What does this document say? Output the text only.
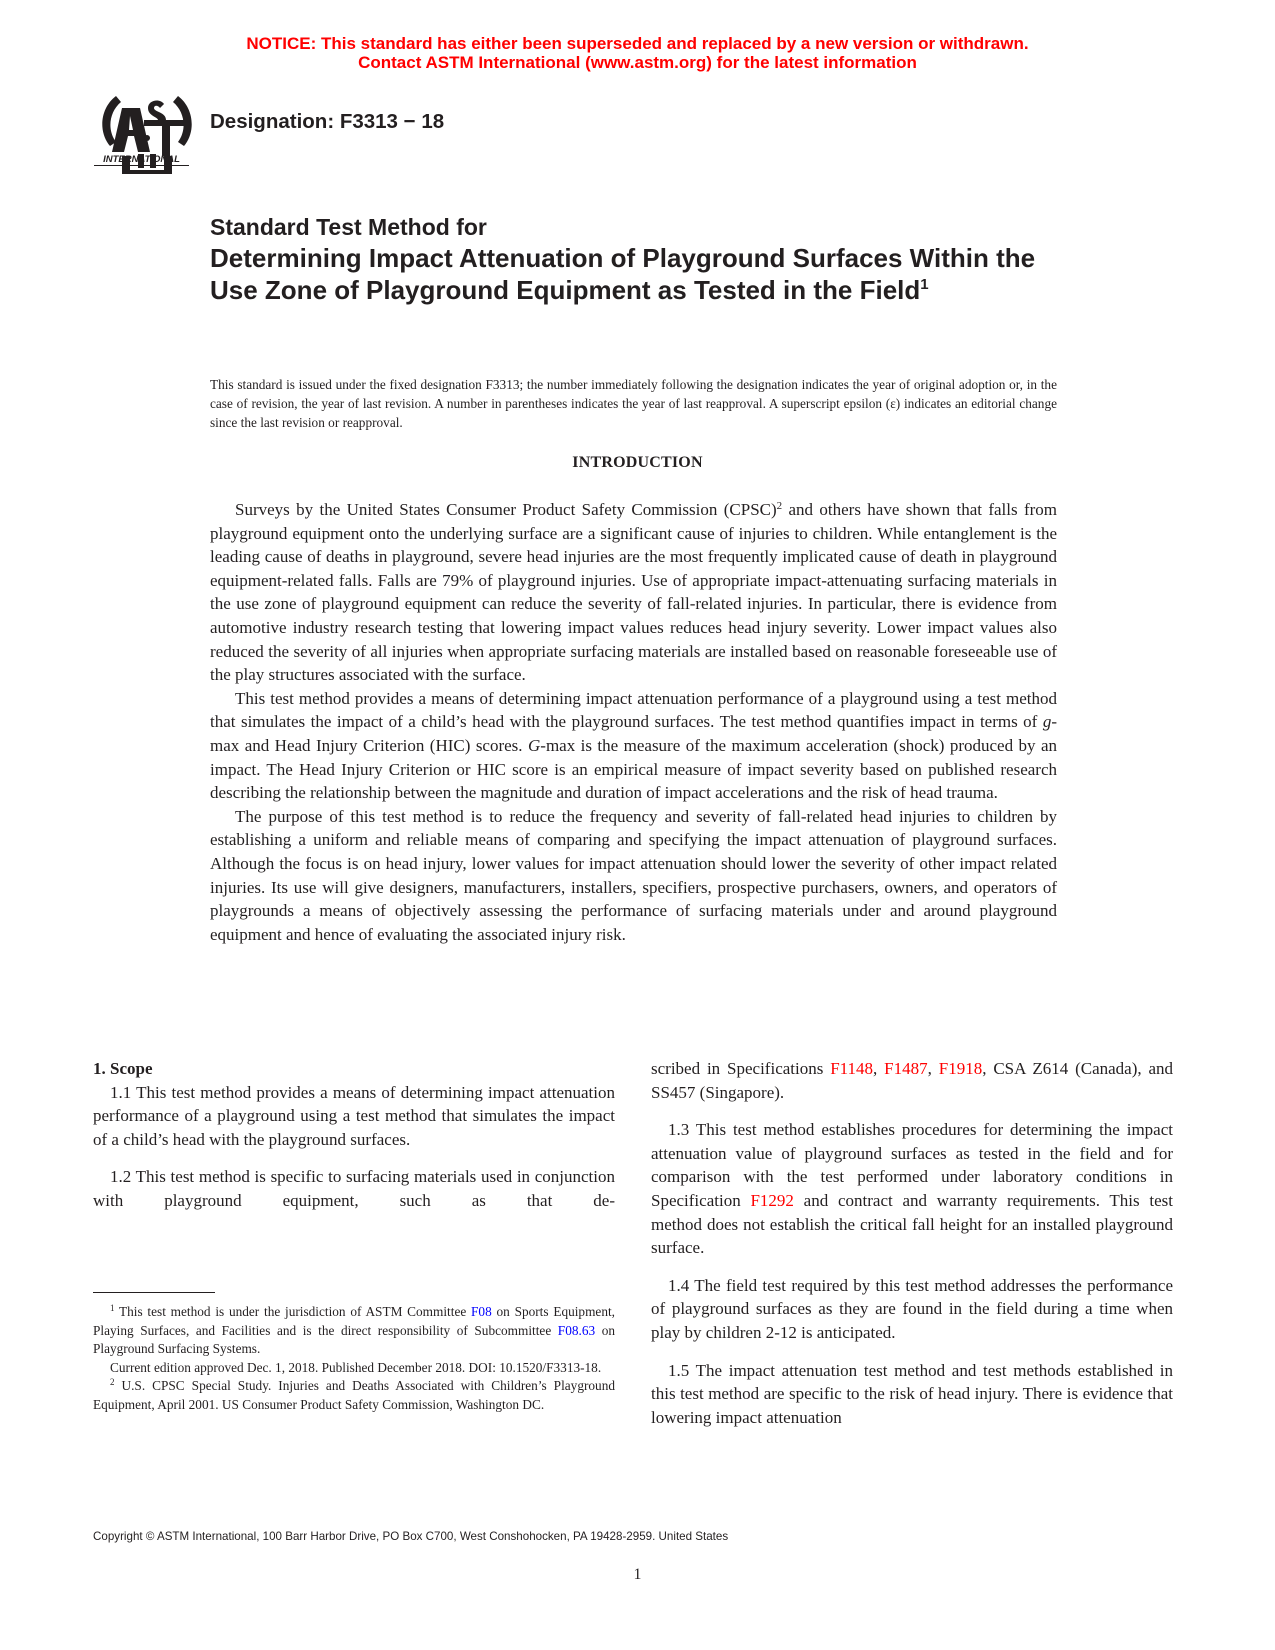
NOTICE: This standard has either been superseded and replaced by a new version or withdrawn.
Contact ASTM International (www.astm.org) for the latest information
INTERNATIONAL
Designation: F3313 − 18
Standard Test Method for
Determining Impact Attenuation of Playground Surfaces Within the Use Zone of Playground Equipment as Tested in the Field$^1$
This standard is issued under the fixed designation F3313; the number immediately following the designation indicates the year of original adoption or, in the case of revision, the year of last revision. A number in parentheses indicates the year of last reapproval. A superscript epsilon (ε) indicates an editorial change since the last revision or reapproval.
INTRODUCTION

Surveys by the United States Consumer Product Safety Commission (CPSC)$^2$ and others have shown that falls from playground equipment onto the underlying surface are a significant cause of injuries to children. While entanglement is the leading cause of deaths in playground, severe head injuries are the most frequently implicated cause of death in playground equipment-related falls. Falls are 79% of playground injuries. Use of appropriate impact-attenuating surfacing materials in the use zone of playground equipment can reduce the severity of fall-related injuries. In particular, there is evidence from automotive industry research testing that lowering impact values reduces head injury severity. Lower impact values also reduced the severity of all injuries when appropriate surfacing materials are installed based on reasonable foreseeable use of the play structures associated with the surface.

This test method provides a means of determining impact attenuation performance of a playground using a test method that simulates the impact of a child’s head with the playground surfaces. The test method quantifies impact in terms of g-max and Head Injury Criterion (HIC) scores. G-max is the measure of the maximum acceleration (shock) produced by an impact. The Head Injury Criterion or HIC score is an empirical measure of impact severity based on published research describing the relationship between the magnitude and duration of impact accelerations and the risk of head trauma.

The purpose of this test method is to reduce the frequency and severity of fall-related head injuries to children by establishing a uniform and reliable means of comparing and specifying the impact attenuation of playground surfaces. Although the focus is on head injury, lower values for impact attenuation should lower the severity of other impact related injuries. Its use will give designers, manufacturers, installers, specifiers, prospective purchasers, owners, and operators of playgrounds a means of objectively assessing the performance of surfacing materials under and around playground equipment and hence of evaluating the associated injury risk.

1. Scope

1.1 This test method provides a means of determining impact attenuation performance of a playground using a test method that simulates the impact of a child’s head with the playground surfaces.

1.2 This test method is specific to surfacing materials used in conjunction with playground equipment, such as that de-

$^1$ This test method is under the jurisdiction of ASTM Committee F08 on Sports Equipment, Playing Surfaces, and Facilities and is the direct responsibility of Subcommittee F08.63 on Playground Surfacing Systems.

Current edition approved Dec. 1, 2018. Published December 2018. DOI: 10.1520/F3313-18.

$^2$ U.S. CPSC Special Study. Injuries and Deaths Associated with Children’s Playground Equipment, April 2001. US Consumer Product Safety Commission, Washington DC.

scribed in Specifications F1148, F1487, F1918, CSA Z614 (Canada), and SS457 (Singapore).

1.3 This test method establishes procedures for determining the impact attenuation value of playground surfaces as tested in the field and for comparison with the test performed under laboratory conditions in Specification F1292 and contract and warranty requirements. This test method does not establish the critical fall height for an installed playground surface.

1.4 The field test required by this test method addresses the performance of playground surfaces as they are found in the field during a time when play by children 2-12 is anticipated.

1.5 The impact attenuation test method and test methods established in this test method are specific to the risk of head injury. There is evidence that lowering impact attenuation

Copyright © ASTM International, 100 Barr Harbor Drive, PO Box C700, West Conshohocken, PA 19428-2959. United States
1
